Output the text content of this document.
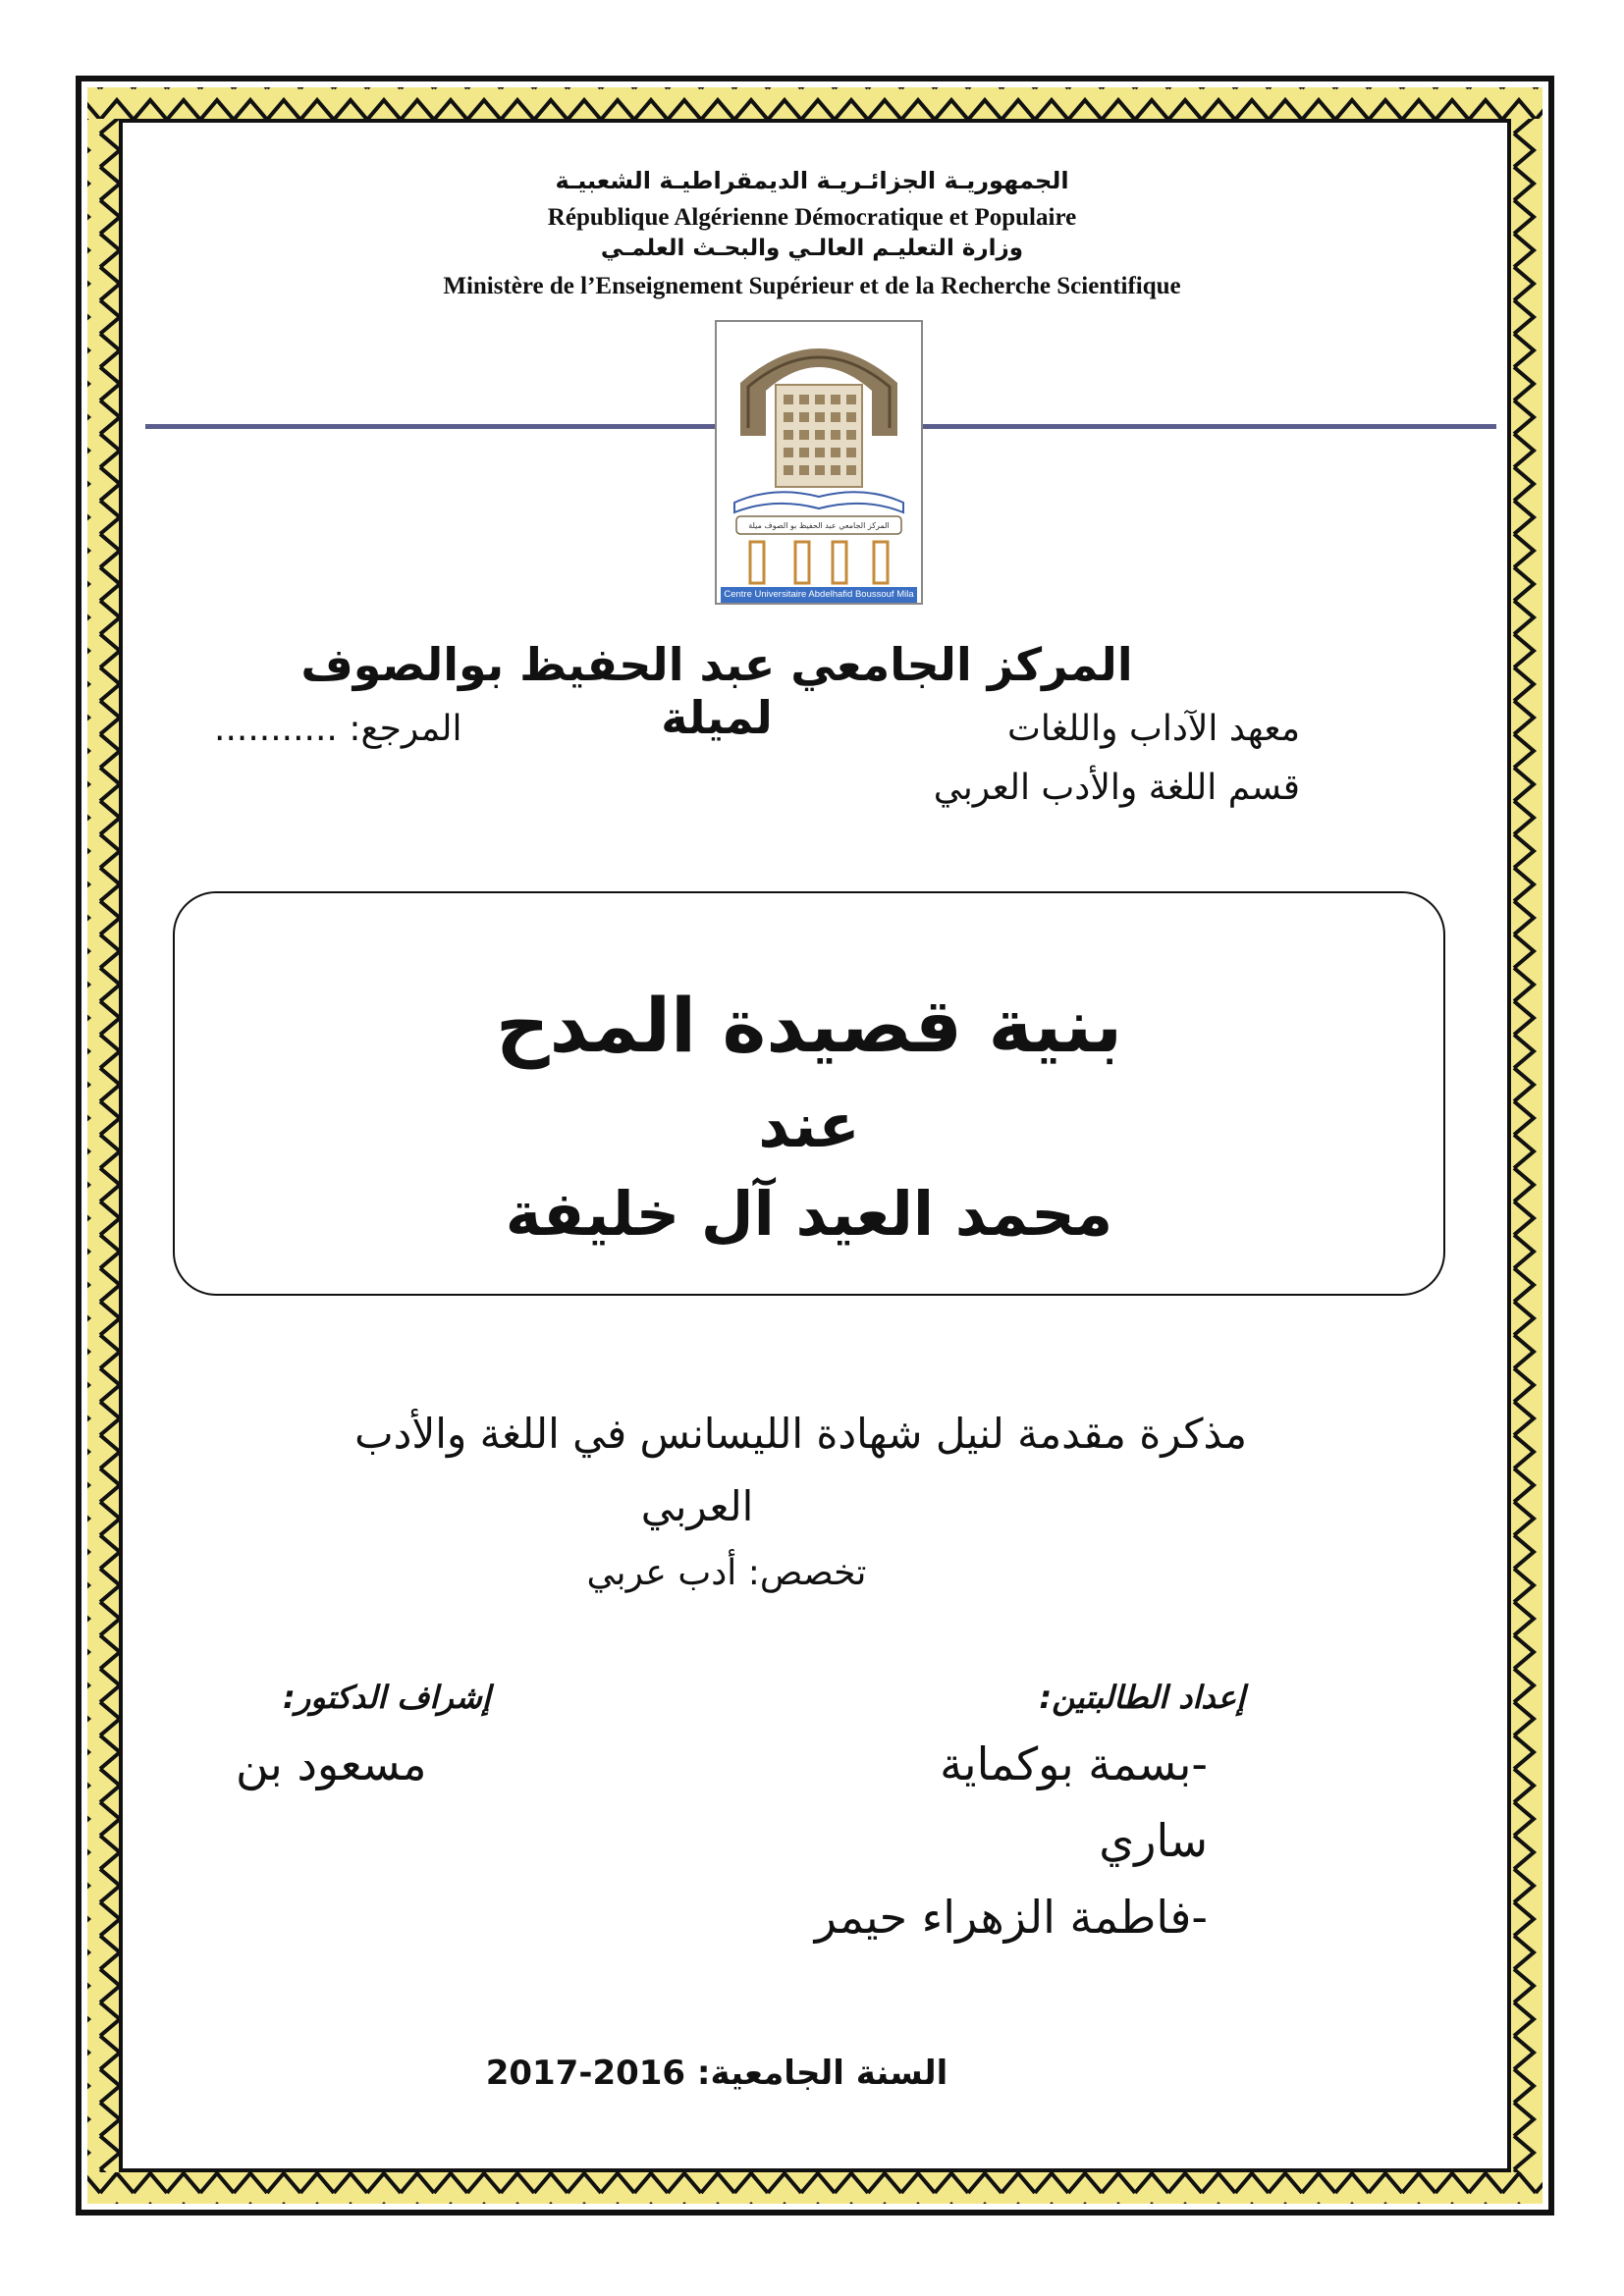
الجمهوريـة الجزائـريـة الديمقراطيـة الشعبيـة
République Algérienne Démocratique et Populaire
وزارة التعليـم العالـي والبحـث العلمـي
Ministère de l’Enseignement Supérieur et de la Recherche Scientifique
المركز الجامعي عبد الحفيظ بو الصوف ميلة
Centre Universitaire Abdelhafid Boussouf Mila
المركز الجامعي عبد الحفيظ بوالصوف لميلة	معهد الآداب واللغات
المرجع: ...........
قسم اللغة والأدب العربي
بنية قصيدة المدح
عند
محمد العيد آل خليفة
مذكرة مقدمة لنيل شهادة الليسانس في اللغة والأدب
العربي
تخصص: أدب عربي
إعداد الطالبتين:
إشراف الدكتور:
-بسمة بوكماية
ساري
-فاطمة الزهراء حيمر
مسعود بن
السنة الجامعية: 2016-2017
